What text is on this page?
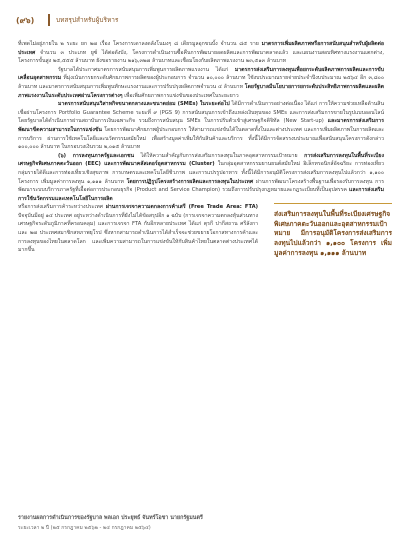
(๙๖)	บทสรุปสำหรับผู้บริหาร

ที่เพดไม่อยู่ภายใน ๒ ระยะ ยก ๒๗ เรื่อง โครงการเดาลงดลังโนมงๆ ๘ เดียรมูลอุกขนบั้ง จำนวน ๘๕ ราย มาตรการเพิ่มผลิตภาพหรือการสนับสนุนสำหรับผู้ผลิตต่อประเทศ จำนวน ๓ ประเภท ยูซ์ ได้ต่อดังบัง, โครงการดำเนินงานซื้อคืนการพัฒนายอดผลิตและการพัฒนาตลาดแล้ว และแผนงานสอบทิศทางแรงงานแตกต่าง, โครงการขั้นสูง ๒๕,๕๕๕ ล้านบาท ยังขอรายงาน ๒๑๖,๓๒๗ ล้านบาทและเชื่อมโยงกับผลิตภาพแรงงาน ๒๓,๕๑๓ ล้านบาท

รัฐบาลได้ประกาศมาตรการสนับสนุนการเพิ่มพูนการผลิตภาพแรงงาน ได้แก่ มาตรการส่งเสริมการลงทุนเพื่อยกระดับผลิตภาพการผลิตและการขับเคลื่อนอุตสาหกรรม ที่มุ่งเน้นการยกระดับศักยภาพการผลิตของผู้ประกอบการ จำนวน ๑๐,๐๐๐ ล้านบาท ใช้งบประมาณรายจ่ายประจำปีงบประมาณ ๒๕๖๔ อีก ๓,๘๐๐ ล้านบาท และมาตรการสนับสนุนการเพิ่มพูนทักษะแรงงานและการปรับปรุงผลิตภาพจำนวน ๔ ล้านบาท โดยรัฐบาลมีนโยบายการยกระดับประสิทธิภาพการผลิตและผลิตภาพแรงงานในระดับประเทศผ่านโครงการต่างๆ เพื่อเพิ่มศักยภาพการแข่งขันของประเทศในระยะยาว

มาตรการสนับสนุนวิสาหกิจขนาดกลางและขนาดย่อม (SMEs) ในระยะต่อไป ได้มีการดำเนินการอย่างต่อเนื่อง ได้แก่ การให้ความช่วยเหลือด้านสินเชื่อผ่านโครงการ Portfolio Guarantee Scheme ระยะที่ ๙ (PGS 9) การสนับสนุนการเข้าถึงแหล่งเงินทุนของ SMEs และการส่งเสริมการขายในรูปแบบออนไลน์ โดยรัฐบาลได้ดำเนินการผ่านสถาบันการเงินเฉพาะกิจ รวมถึงการสนับสนุน SMEs ในการปรับตัวเข้าสู่เศรษฐกิจดิจิทัล (New Start-up) และมาตรการส่งเสริมการพัฒนาขีดความสามารถในการแข่งขัน โดยการพัฒนาศักยภาพผู้ประกอบการ ให้สามารถแข่งขันได้ในตลาดทั้งในและต่างประเทศ และการเพิ่มผลิตภาพในการผลิตและการบริการ ผ่านการใช้เทคโนโลยีและนวัตกรรมสมัยใหม่ เพื่อสร้างมูลค่าเพิ่มให้กับสินค้าและบริการ ทั้งนี้ได้มีการจัดสรรงบประมาณเพื่อสนับสนุนโครงการดังกล่าว ๑๐๐,๐๐๐ ล้านบาท ในกรอบวงเงินรวม ๒,๐๑๕ ล้านบาท

(๖) การลงทุนภาครัฐและเอกชน ได้ให้ความสำคัญกับการส่งเสริมการลงทุนในภาคอุตสาหกรรมเป้าหมาย การส่งเสริมการลงทุนในพื้นที่ระเบียงเศรษฐกิจพิเศษภาคตะวันออก (EEC) และการพัฒนาคลัสเตอร์อุตสาหกรรม (Cluster) ในกลุ่มอุตสาหกรรมยานยนต์สมัยใหม่ อิเล็กทรอนิกส์อัจฉริยะ การท่องเที่ยวกลุ่มรายได้ดีและการท่องเที่ยวเชิงสุขภาพ การเกษตรและเทคโนโลยีชีวภาพ และการแปรรูปอาหาร ทั้งนี้ได้มีการอนุมัติโครงการส่งเสริมการลงทุนไปแล้วกว่า ๑,๑๐๐ โครงการ เพิ่มมูลค่าการลงทุน ๑,๑๑๑ ล้านบาท โดยการปฏิรูปโครงสร้างการผลิตและการลงทุนในประเทศ ผ่านการพัฒนาโครงสร้างพื้นฐานเพื่อรองรับการลงทุน การพัฒนาระบบบริการภาครัฐที่เอื้อต่อการประกอบธุรกิจ (Product and Service Champion) รวมถึงการปรับปรุงกฎหมายและกฎระเบียบที่เป็นอุปสรรค และการส่งเสริมการใช้นวัตกรรมและเทคโนโลยีในการผลิต

หรือการส่งเสริมการค้าระหว่างประเทศ ผ่านการเจรจาความตกลงการค้าเสรี (Free Trade Area: FTA) ปัจจุบันมีอยู่ ๑๔ ประเทศ อยู่ระหว่างดำเนินการที่ยังไม่ได้ข้อสรุปอีก ๑ ฉบับ (การเจรจาความตกลงหุ้นส่วนทางเศรษฐกิจระดับภูมิภาคที่ครอบคลุม) และการเจรจา FTA กับอีกหลายประเทศ ได้แก่ ตุรกี ปากีสถาน ศรีลังกา และ ๒๗ ประเทศสมาชิกสหภาพยุโรป ซึ่งหากสามารถดำเนินการได้สำเร็จจะช่วยขยายโอกาสทางการค้าและการลงทุนของไทยในตลาดโลก และเพิ่มความสามารถในการแข่งขันให้กับสินค้าไทยในตลาดต่างประเทศได้มากขึ้น

ส่งเสริมการลงทุนในพื้นที่ระเบียงเศรษฐกิจพิเศษภาคตะวันออกและอุตสาหกรรมเป้าหมาย มีการอนุมัติโครงการส่งเสริมการลงทุนไปแล้วกว่า ๑,๑๐๐ โครงการ เพิ่มมูลค่าการลงทุน ๑,๑๑๑ ล้านบาท
รายงานผลการดำเนินการของรัฐบาล พลเอก ประยุทธ์ จันทร์โอชา นายกรัฐมนตรี
ระยะเวลา ๒ ปี (๒๕ กรกฎาคม ๒๕๖๒ - ๒๔ กรกฎาคม ๒๕๖๔)
